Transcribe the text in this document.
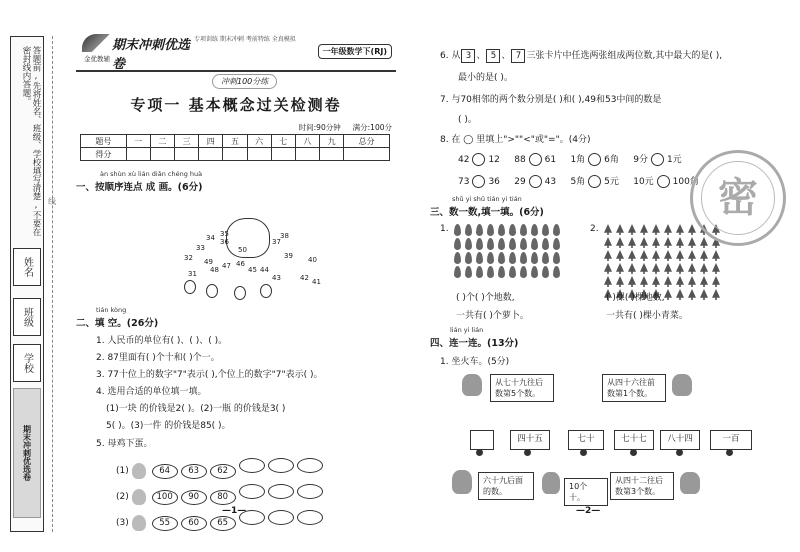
答题前,先将姓名、班级、学校填写清楚,不要在密封线内答题。
姓名
班级
学校
期末冲刺优选卷
线
期末冲刺优选卷
金优教辅
专项训练 期末冲刺 考前特练 全真模拟
一年级数学下(RJ)
冲刺100分练
专项一 基本概念过关检测卷
时间:90分钟 满分:100分
题号	一	二	三	四	五	六	七	八	九	总分
得分										
àn shùn xù lián diǎn chéng huà
一、按顺序连点 成 画。(6分)
31
32
33
34 35
36	37
38
39 40
41
42
43
44
45
46
47
48
49
50
tián kòng
二、填 空。(26分)
1. 人民币的单位有( )、( )、( )。
2. 87里面有( )个十和( )个一。
3. 77十位上的数字"7"表示( ),个位上的数字"7"表示( )。
4. 选用合适的单位填一填。
(1)一块 的价钱是2( )。(2)一瓶 的价钱是3( )
5( )。(3)一件 的价钱是85( )。
5. 母鸡下蛋。
(1)	64 63 62
(2)	100 90 80
(3)	55 60 65
—1—
6. 从 3 、 5 、 7 三张卡片中任选两张组成两位数,其中最大的是( ),
最小的是( )。
7. 与70相邻的两个数分别是( )和( ),49和53中间的数是
( )。
8. 在 ◯ 里填上">""<"或"="。(4分)
42 12 88 61 1角 6角 9分 1元
73 36 29 43 5角 5元 10元 100角
shǔ yi shǔ tián yi tián
三、数一数,填一填。(6分)
1.	2.
( )个( )个地数,
一共有( )个萝卜。
( )棵( )棵地数,
一共有( )棵小青菜。
lián yi lián
四、连一连。(13分)
1. 坐火车。(5分)
从七十九往后数第5个数。
从四十六往前数第1个数。
四十五	七十	七十七	八十四	一百
六十九后面的数。
10个十。
从四十二往后数第3个数。
—2—
密
